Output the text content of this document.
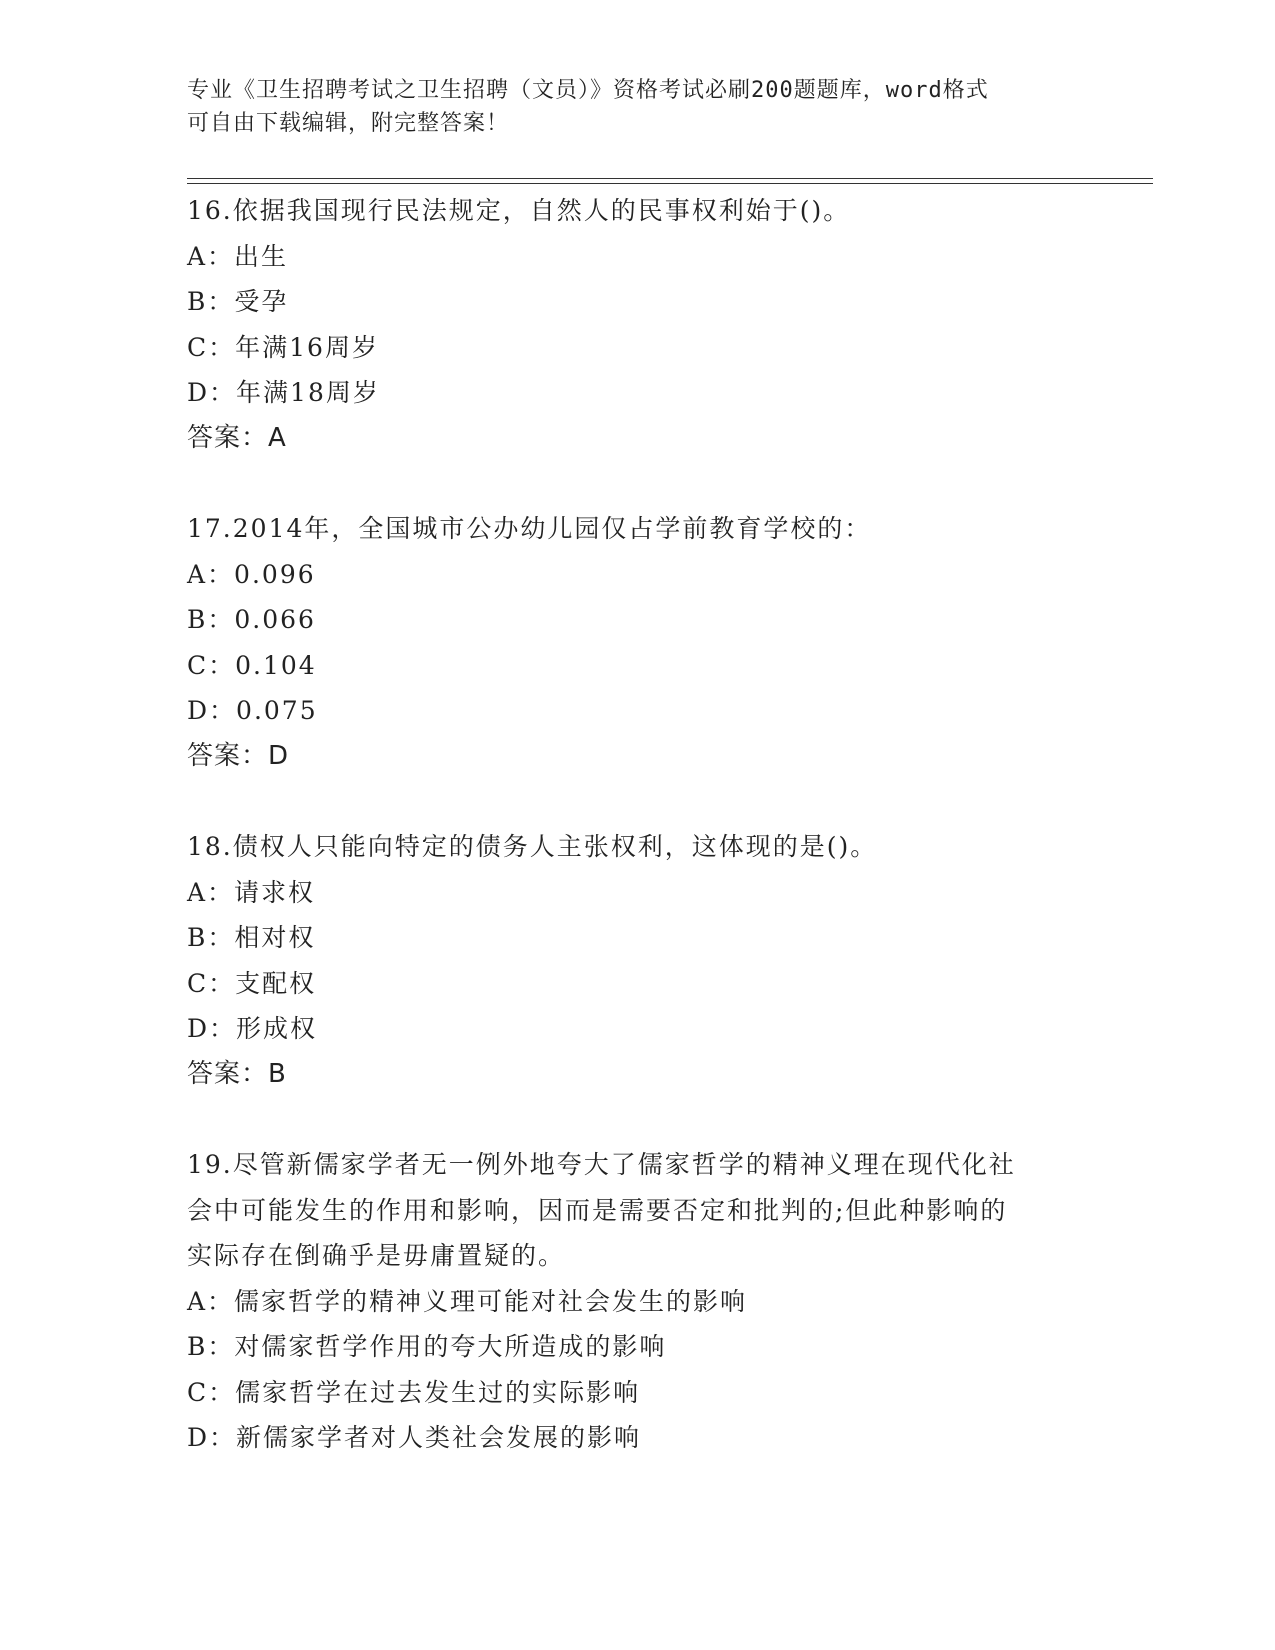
专业《卫生招聘考试之卫生招聘（文员）》资格考试必刷200题题库，word格式
可自由下载编辑，附完整答案！
16.依据我国现行民法规定，自然人的民事权利始于()。
A：出生
B：受孕
C：年满16周岁
D：年满18周岁
答案：A
17.2014年，全国城市公办幼儿园仅占学前教育学校的：
A：0.096
B：0.066
C：0.104
D：0.075
答案：D
18.债权人只能向特定的债务人主张权利，这体现的是()。
A：请求权
B：相对权
C：支配权
D：形成权
答案：B
19.尽管新儒家学者无一例外地夸大了儒家哲学的精神义理在现代化社
会中可能发生的作用和影响，因而是需要否定和批判的;但此种影响的
实际存在倒确乎是毋庸置疑的。
A：儒家哲学的精神义理可能对社会发生的影响
B：对儒家哲学作用的夸大所造成的影响
C：儒家哲学在过去发生过的实际影响
D：新儒家学者对人类社会发展的影响
